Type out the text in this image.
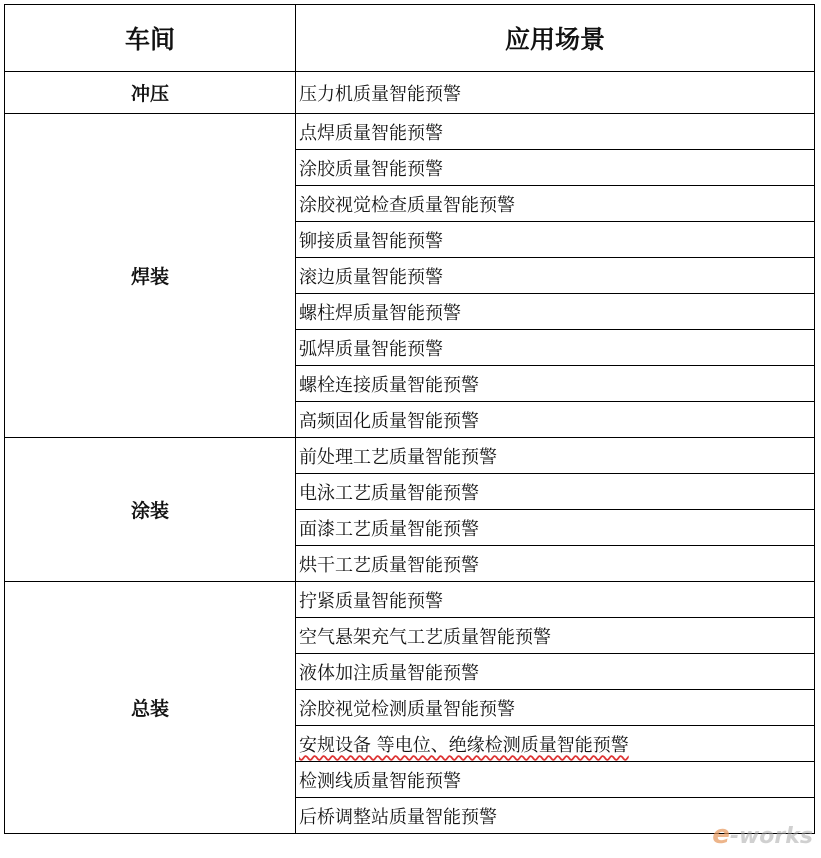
车间	应用场景
冲压	压力机质量智能预警
焊装	点焊质量智能预警
	涂胶质量智能预警
	涂胶视觉检查质量智能预警
	铆接质量智能预警
	滚边质量智能预警
	螺柱焊质量智能预警
	弧焊质量智能预警
	螺栓连接质量智能预警
	高频固化质量智能预警
涂装	前处理工艺质量智能预警
	电泳工艺质量智能预警
	面漆工艺质量智能预警
	烘干工艺质量智能预警
总装	拧紧质量智能预警
	空气悬架充气工艺质量智能预警
	液体加注质量智能预警
	涂胶视觉检测质量智能预警
	安规设备 等电位、绝缘检测质量智能预警
	检测线质量智能预警
	后桥调整站质量智能预警
e-works
